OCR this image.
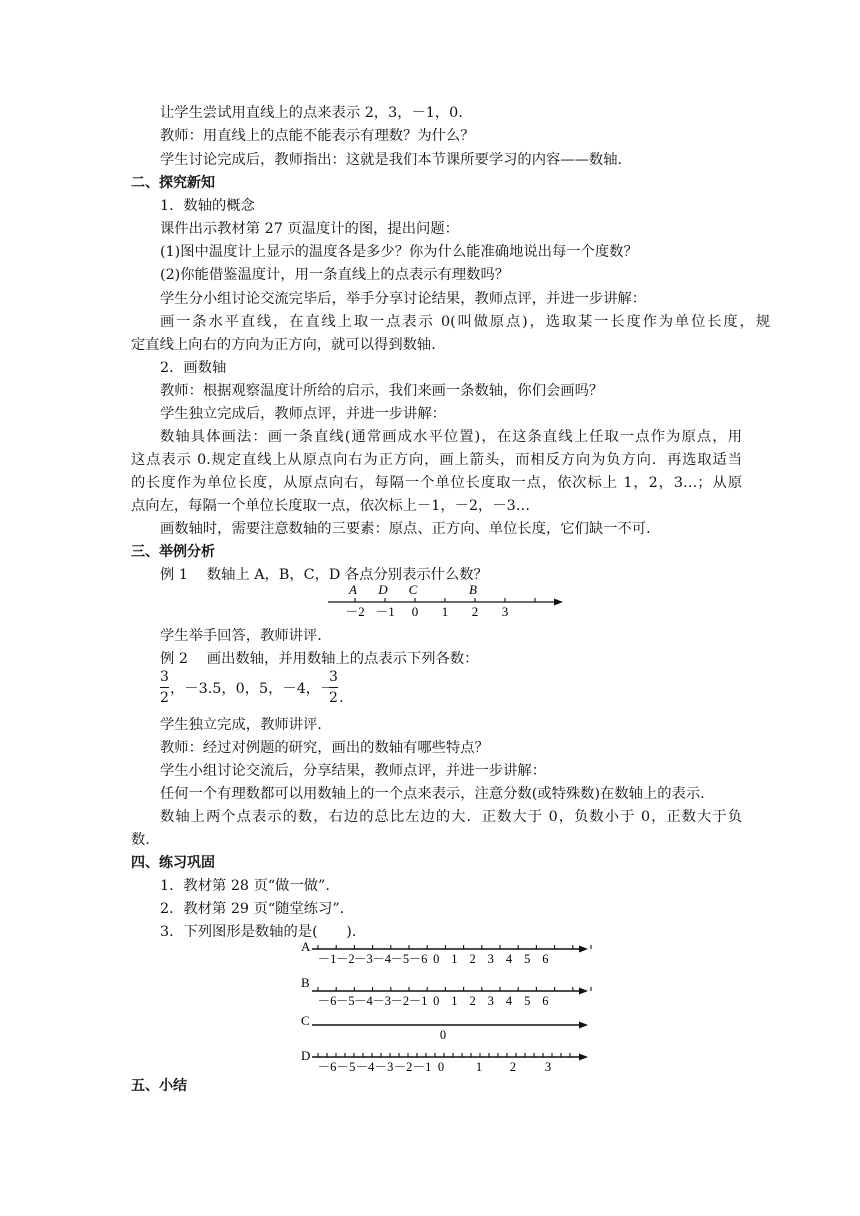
让学生尝试用直线上的点来表示 2，3，－1，0.
教师：用直线上的点能不能表示有理数？为什么？
学生讨论完成后，教师指出：这就是我们本节课所要学习的内容——数轴.
二、探究新知
1．数轴的概念
课件出示教材第 27 页温度计的图，提出问题：
(1)图中温度计上显示的温度各是多少？你为什么能准确地说出每一个度数？
(2)你能借鉴温度计，用一条直线上的点表示有理数吗？
学生分小组讨论交流完毕后，举手分享讨论结果，教师点评，并进一步讲解：
画一条水平直线，在直线上取一点表示 0(叫做原点)，选取某一长度作为单位长度，规
定直线上向右的方向为正方向，就可以得到数轴.
2．画数轴
教师：根据观察温度计所给的启示，我们来画一条数轴，你们会画吗？
学生独立完成后，教师点评，并进一步讲解：
数轴具体画法：画一条直线(通常画成水平位置)，在这条直线上任取一点作为原点，用
这点表示 0.规定直线上从原点向右为正方向，画上箭头，而相反方向为负方向．再选取适当
的长度作为单位长度，从原点向右，每隔一个单位长度取一点，依次标上 1，2，3…；从原
点向左，每隔一个单位长度取一点，依次标上－1，－2，－3…
画数轴时，需要注意数轴的三要素：原点、正方向、单位长度，它们缺一不可.
三、举例分析
例 1　 数轴上 A，B，C，D 各点分别表示什么数？
－2 －1 0 1 2 3
A D C	B
学生举手回答，教师讲评.
例 2　 画出数轴，并用数轴上的点表示下列各数：
3
2
，－3.5，0，5，－4，－
3
2 .
学生独立完成，教师讲评.
教师：经过对例题的研究，画出的数轴有哪些特点？
学生小组讨论交流后，分享结果，教师点评，并进一步讲解：
任何一个有理数都可以用数轴上的一个点来表示，注意分数(或特殊数)在数轴上的表示.
数轴上两个点表示的数，右边的总比左边的大．正数大于 0，负数小于 0，正数大于负
数.
四、练习巩固
1．教材第 28 页“做一做”.
2．教材第 29 页“随堂练习”.
3．下列图形是数轴的是(　　).
A
－1 －2 －3 －4 －5 －6 0 1 2 3 4 5 6
B
－6 －5 －4 －3 －2 －1 0 1 2 3 4 5 6
C
0
D
－6 －5 －4 －3 －2 －1 0	1 2 3
五、小结
